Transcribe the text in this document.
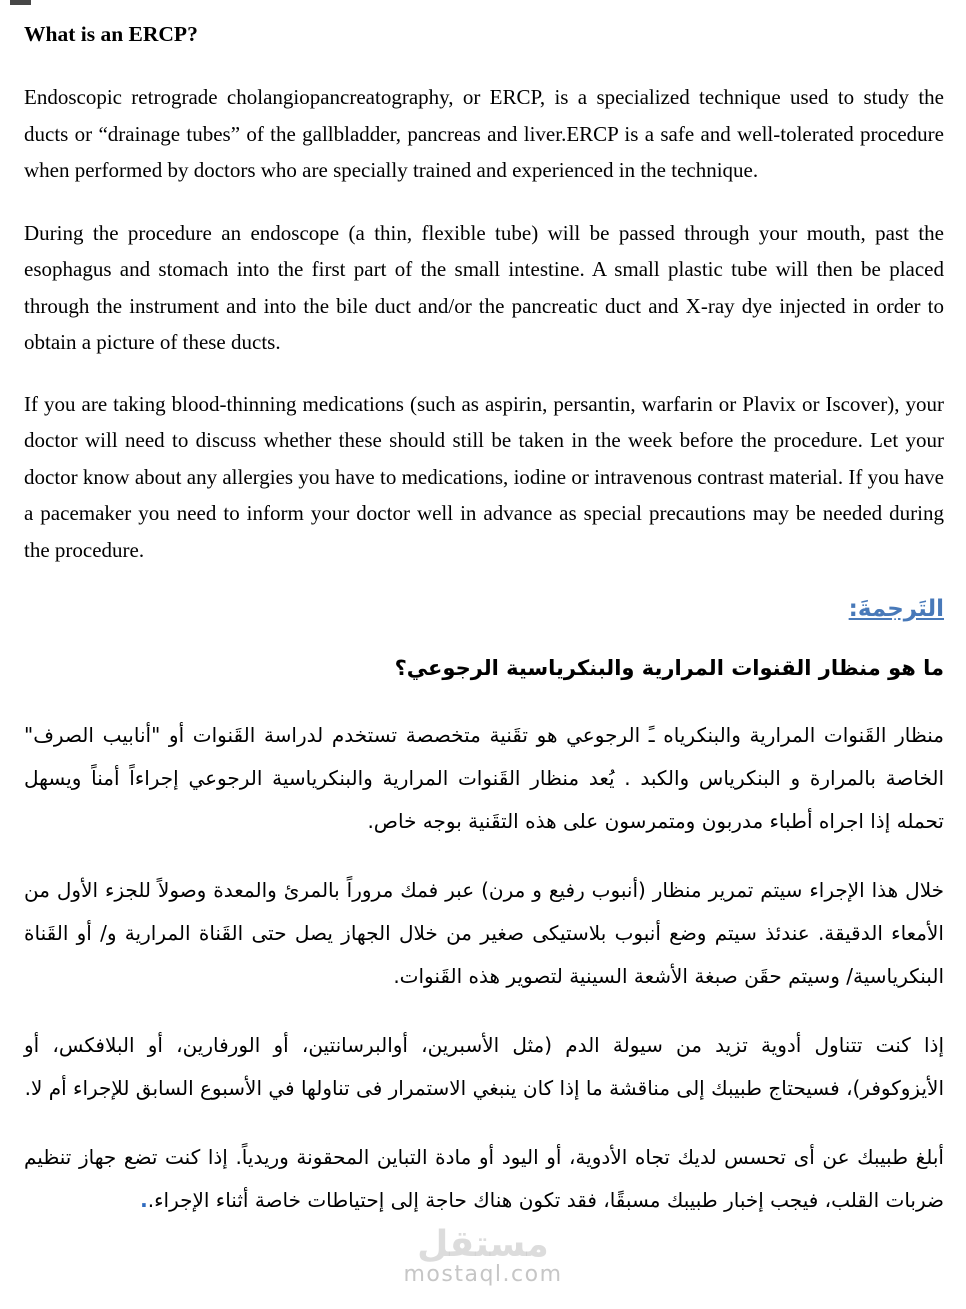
مستقل
mostaql.com
What is an ERCP?

Endoscopic retrograde cholangiopancreatography, or ERCP, is a specialized technique used to study the ducts or “drainage tubes” of the gallbladder, pancreas and liver.ERCP is a safe and well-tolerated procedure when performed by doctors who are specially trained and experienced in the technique.

During the procedure an endoscope (a thin, flexible tube) will be passed through your mouth, past the esophagus and stomach into the first part of the small intestine. A small plastic tube will then be placed through the instrument and into the bile duct and/or the pancreatic duct and X-ray dye injected in order to obtain a picture of these ducts.

If you are taking blood-thinning medications (such as aspirin, persantin, warfarin or Plavix or Iscover), your doctor will need to discuss whether these should still be taken in the week before the procedure. Let your doctor know about any allergies you have to medications, iodine or intravenous contrast material. If you have a pacemaker you need to inform your doctor well in advance as special precautions may be needed during the procedure.

التَرجمةَ:
ما هو منظار القنوات المرارية والبنكرياسية الرجوعي؟

منظار القَنوات المرارية والبنكرياه ـً الرجوعي هو تقَنية متخصصة تستخدم لدراسة القَنوات أو "أنابيب الصرف" الخاصة بالمرارة و البنكرياس والكبد . يُعد منظار القَنوات المرارية والبنكرياسية الرجوعي إجراءاً أمناً ويسهل تحمله إذا اجراه أطباء مدربون ومتمرسون على هذه التقَنية بوجه خاص.

خلال هذا الإجراء سيتم تمرير منظار (أنبوب رفيع و مرن) عبر فمك مروراً بالمرئ والمعدة وصولاً للجزء الأول من الأمعاء الدقيقة. عندئذ سيتم وضع أنبوب بلاستيكى صغير من خلال الجهاز يصل حتى القَناة المرارية و/ أو القَناة البنكرياسية/ وسيتم حقَن صبغة الأشعة السينية لتصوير هذه القَنوات.

إذا كنت تتناول أدوية تزيد من سيولة الدم (مثل الأسبرين، أوالبرسانتين، أو الورفارين، أو البلافكس، أو الأيزوكوفر)، فسيحتاج طبيبك إلى مناقشة ما إذا كان ينبغي الاستمرار فى تناولها في الأسبوع السابق للإجراء أم لا.

أبلغ طبيبك عن أى تحسس لديك تجاه الأدوية، أو اليود أو مادة التباين المحقونة وريدياً. إذا كنت تضع جهاز تنظيم ضربات القلب، فيجب إخبار طبيبك مسبقًا، فقد تكون هناك حاجة إلى إحتياطات خاصة أثناء الإجراء..
